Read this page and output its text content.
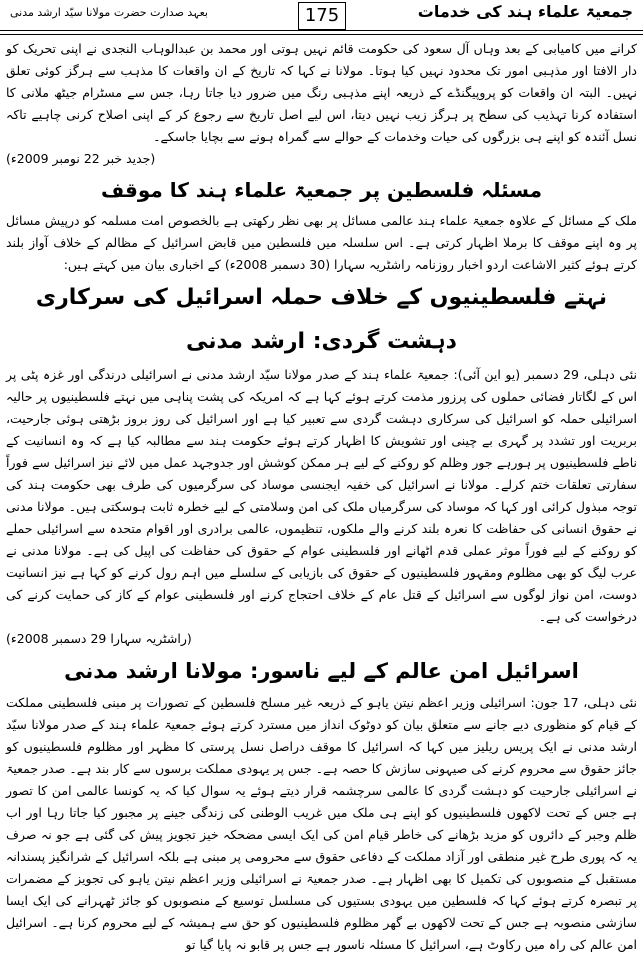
بعہد صدارت حضرت مولانا سیّد ارشد مدنی	175	جمعیۃ علماء ہند کی خدمات

کرانے میں کامیابی کے بعد وہاں آل سعود کی حکومت قائم نہیں ہوتی اور محمد بن عبدالوہاب النجدی نے اپنی تحریک کو دار الافتا اور مذہبی امور تک محدود نہیں کیا ہوتا۔ مولانا نے کہا کہ تاریخ کے ان واقعات کا مذہب سے ہرگز کوئی تعلق نہیں۔ البتہ ان واقعات کو پروپیگنڈے کے ذریعہ اپنے مذہبی رنگ میں ضرور دیا جاتا رہا، جس سے مسٹرام جیٹھ ملانی کا استفادہ کرنا تہذیب کی سطح پر ہرگز زیب نہیں دیتا، اس لیے اصل تاریخ سے رجوع کر کے اپنی اصلاح کرنی چاہیے تاکہ نسل آئندہ کو اپنے ہی بزرگوں کی حیات وخدمات کے حوالے سے گمراہ ہونے سے بچایا جاسکے۔
(جدید خبر 22 نومبر 2009ء)

مسئلہ فلسطین پر جمعیۃ علماء ہند کا موقف

ملک کے مسائل کے علاوہ جمعیۃ علماء ہند عالمی مسائل پر بھی نظر رکھتی ہے بالخصوص امت مسلمہ کو درپیش مسائل پر وہ اپنے موقف کا برملا اظہار کرتی ہے۔ اس سلسلہ میں فلسطین میں قابض اسرائیل کے مظالم کے خلاف آواز بلند کرتے ہوئے کثیر الاشاعت اردو اخبار روزنامہ راشٹریہ سہارا (30 دسمبر 2008ء) کے اخباری بیان میں کہتے ہیں:

نہتے فلسطینیوں کے خلاف حملہ اسرائیل کی سرکاری دہشت گردی: ارشد مدنی

نئی دہلی، 29 دسمبر (یو این آئی): جمعیۃ علماء ہند کے صدر مولانا سیّد ارشد مدنی نے اسرائیلی درندگی اور غزہ پٹی پر اس کے لگاتار فضائی حملوں کی پرزور مذمت کرتے ہوئے کہا ہے کہ امریکہ کی پشت پناہی میں نہتے فلسطینیوں پر حالیہ اسرائیلی حملہ کو اسرائیل کی سرکاری دہشت گردی سے تعبیر کیا ہے اور اسرائیل کی روز بروز بڑھتی ہوئی جارحیت، بربریت اور تشدد پر گہری بے چینی اور تشویش کا اظہار کرتے ہوئے حکومت ہند سے مطالبہ کیا ہے کہ وہ انسانیت کے ناطے فلسطینیوں پر ہورہے جور وظلم کو روکنے کے لیے ہر ممکن کوشش اور جدوجہد عمل میں لائے نیز اسرائیل سے فوراً سفارتی تعلقات ختم کرلے۔ مولانا نے اسرائیل کی خفیہ ایجنسی موساد کی سرگرمیوں کی طرف بھی حکومت ہند کی توجہ مبذول کرائی اور کہا کہ موساد کی سرگرمیاں ملک کی امن وسلامتی کے لیے خطرہ ثابت ہوسکتی ہیں۔ مولانا مدنی نے حقوق انسانی کی حفاظت کا نعرہ بلند کرنے والے ملکوں، تنظیموں، عالمی برادری اور اقوام متحدہ سے اسرائیلی حملے کو روکنے کے لیے فوراً موثر عملی قدم اٹھانے اور فلسطینی عوام کے حقوق کی حفاظت کی اپیل کی ہے۔ مولانا مدنی نے عرب لیگ کو بھی مظلوم ومقہور فلسطینیوں کے حقوق کی بازیابی کے سلسلے میں اہم رول کرنے کو کہا ہے نیز انسانیت دوست، امن نواز لوگوں سے اسرائیل کے قتل عام کے خلاف احتجاج کرنے اور فلسطینی عوام کے کاز کی حمایت کرنے کی درخواست کی ہے۔
(راشٹریہ سہارا 29 دسمبر 2008ء)

اسرائیل امن عالم کے لیے ناسور: مولانا ارشد مدنی

نئی دہلی، 17 جون: اسرائیلی وزیر اعظم نیتن یاہو کے ذریعہ غیر مسلح فلسطین کے تصورات پر مبنی فلسطینی مملکت کے قیام کو منظوری دیے جانے سے متعلق بیان کو دوٹوک انداز میں مسترد کرتے ہوئے جمعیۃ علماء ہند کے صدر مولانا سیّد ارشد مدنی نے ایک پریس ریلیز میں کہا کہ اسرائیل کا موقف دراصل نسل پرستی کا مظہر اور مظلوم فلسطینیوں کو جائز حقوق سے محروم کرنے کی صیہونی سازش کا حصہ ہے۔ جس پر یہودی مملکت برسوں سے کار بند ہے۔ صدر جمعیۃ نے اسرائیلی جارحیت کو دہشت گردی کا عالمی سرچشمہ قرار دیتے ہوئے یہ سوال کیا کہ یہ کونسا عالمی امن کا تصور ہے جس کے تحت لاکھوں فلسطینیوں کو اپنے ہی ملک میں غریب الوطنی کی زندگی جینے پر مجبور کیا جاتا رہا اور اب ظلم وجبر کے دائروں کو مزید بڑھانے کی خاطر قیام امن کی ایک ایسی مضحکہ خیز تجویز پیش کی گئی ہے جو نہ صرف یہ کہ پوری طرح غیر منطقی اور آزاد مملکت کے دفاعی حقوق سے محرومی پر مبنی ہے بلکہ اسرائیل کے شرانگیز پسندانہ مستقبل کے منصوبوں کی تکمیل کا بھی اظہار ہے۔ صدر جمعیۃ نے اسرائیلی وزیر اعظم نیتن یاہو کی تجویز کے مضمرات پر تبصرہ کرتے ہوئے کہا کہ فلسطین میں یہودی بستیوں کی مسلسل توسیع کے منصوبوں کو جائز ٹھہرانے کی ایک ایسا سازشی منصوبہ ہے جس کے تحت لاکھوں بے گھر مظلوم فلسطینیوں کو حق سے ہمیشہ کے لیے محروم کرنا ہے۔ اسرائیل امن عالم کی راہ میں رکاوٹ ہے، اسرائیل کا مسئلہ ناسور ہے جس پر قابو نہ پایا گیا تو
